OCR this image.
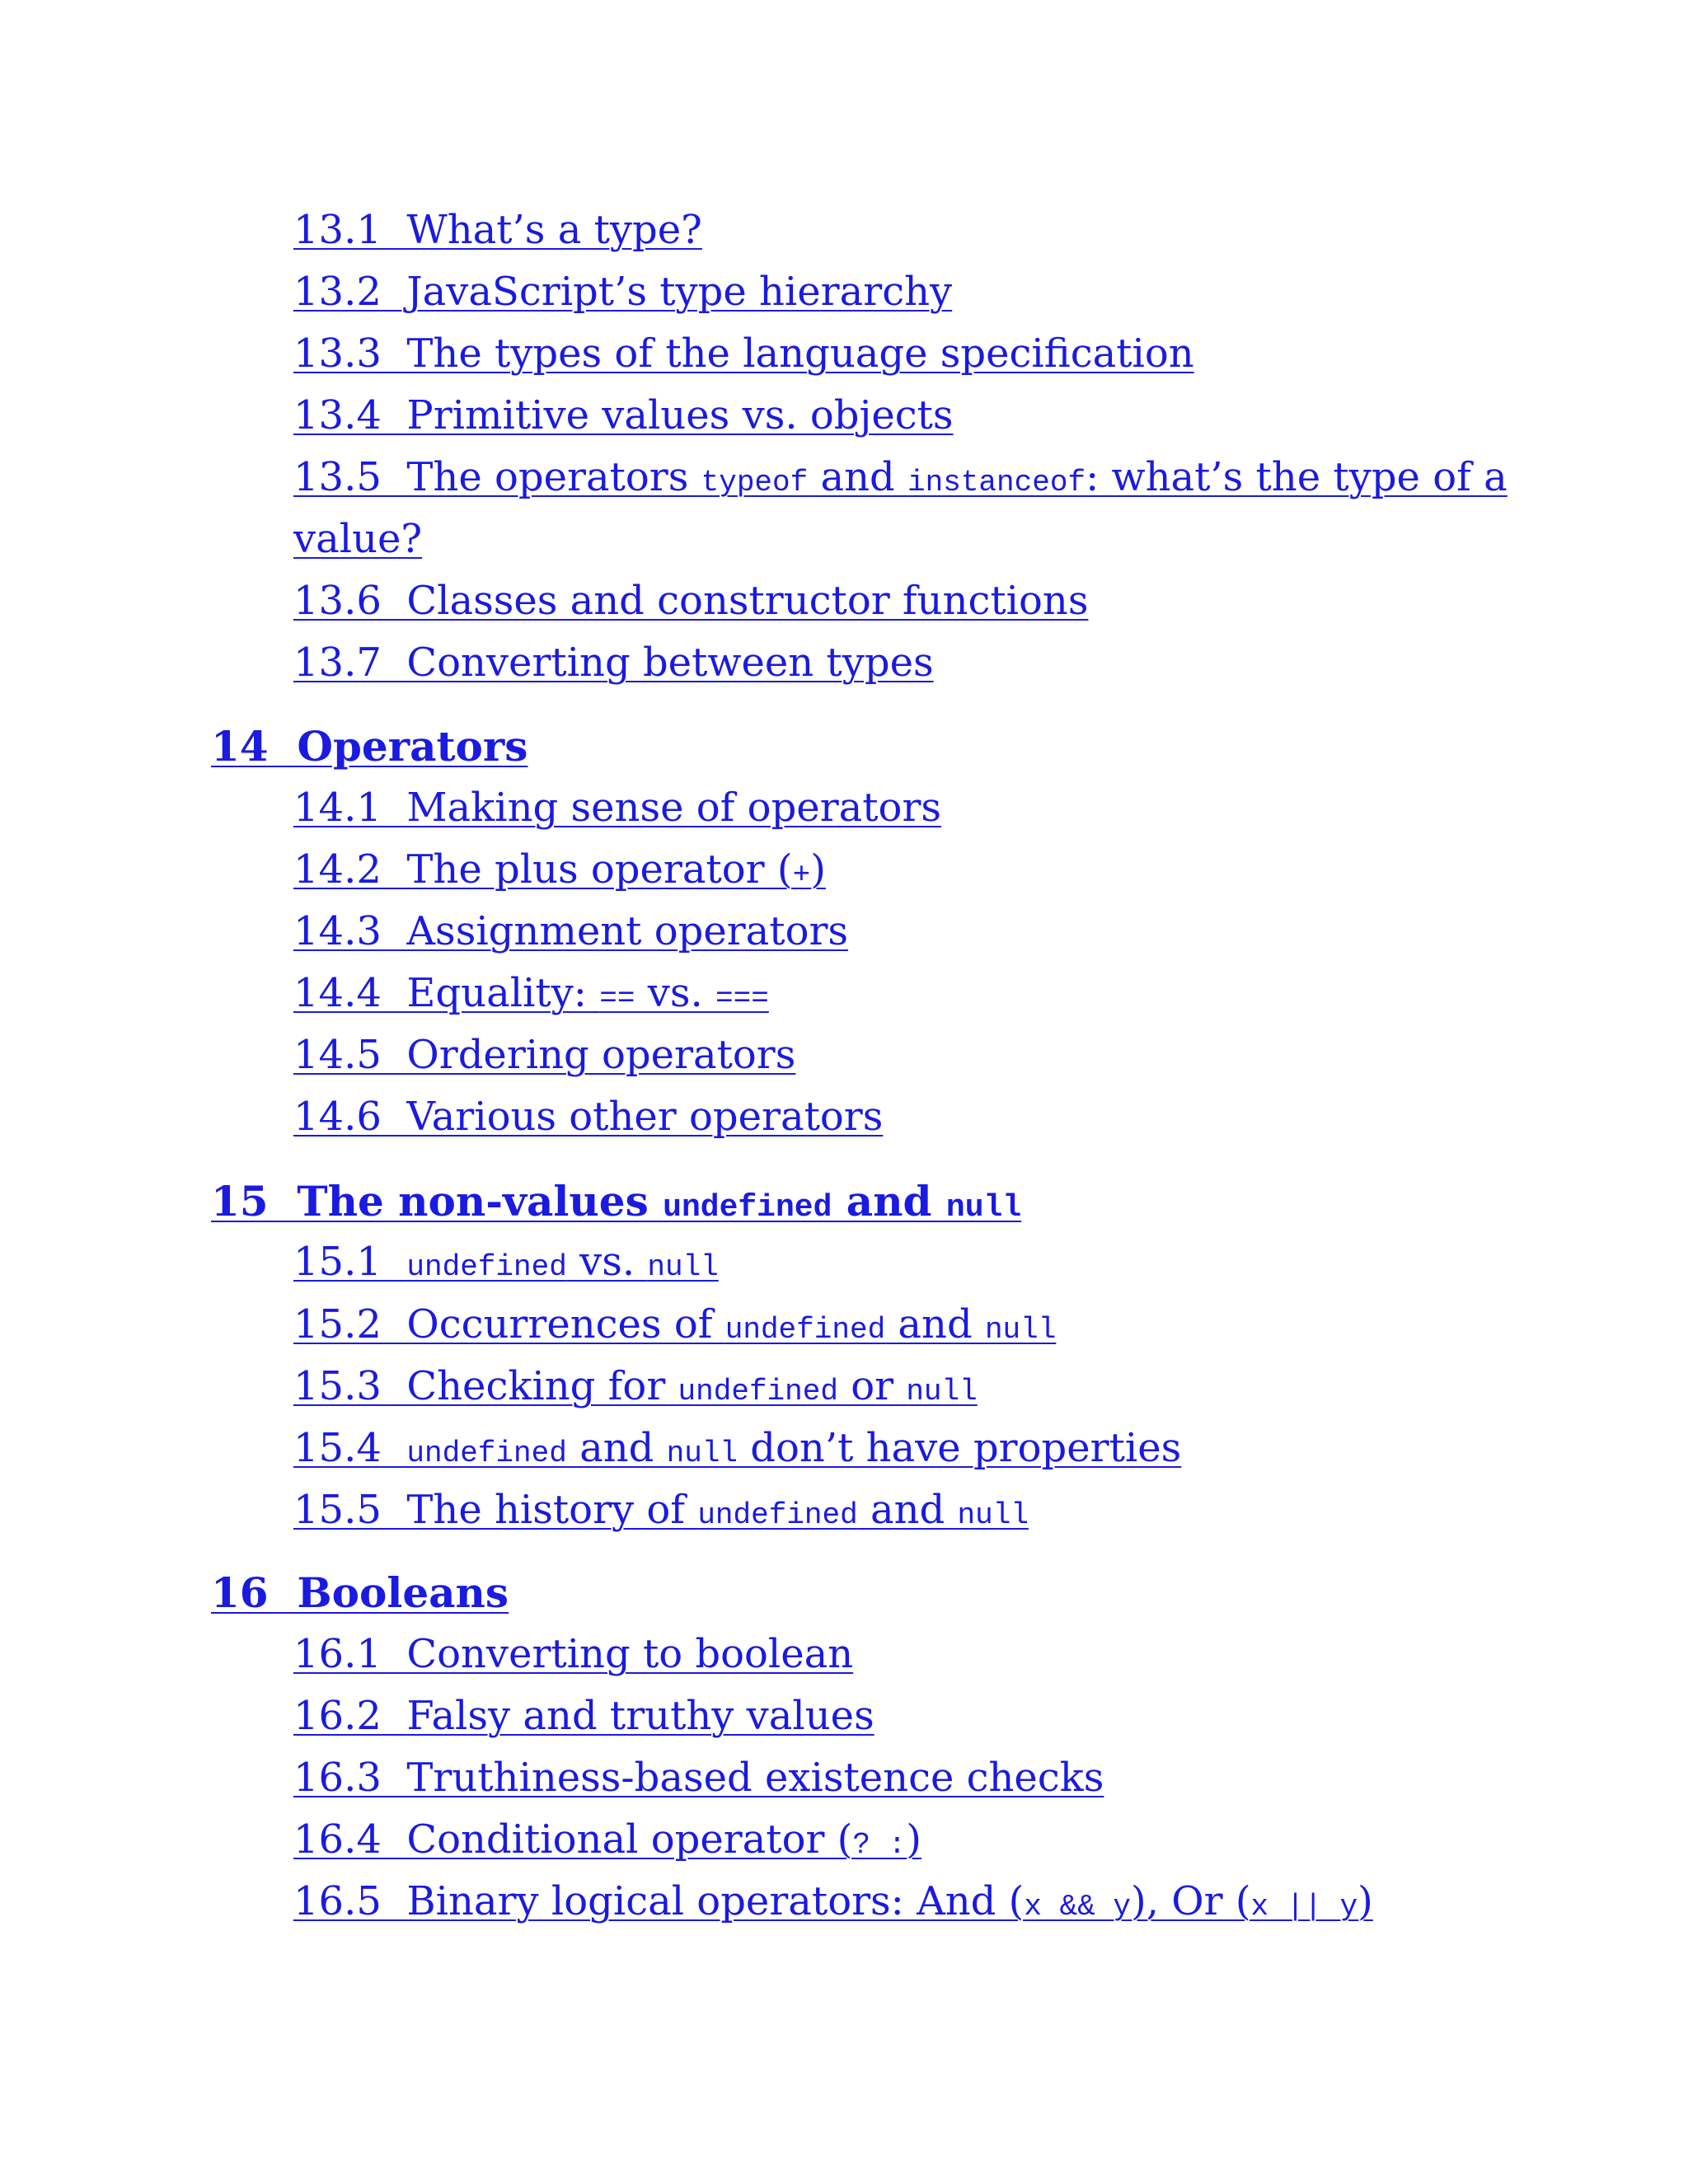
13.1  What’s a type?
13.2  JavaScript’s type hierarchy
13.3  The types of the language specification
13.4  Primitive values vs. objects
13.5  The operators typeof and instanceof: what’s the type of a
value?
13.6  Classes and constructor functions
13.7  Converting between types
14  Operators
14.1  Making sense of operators
14.2  The plus operator (+)
14.3  Assignment operators
14.4  Equality: == vs. ===
14.5  Ordering operators
14.6  Various other operators
15  The non-values undefined and null
15.1  undefined vs. null
15.2  Occurrences of undefined and null
15.3  Checking for undefined or null
15.4  undefined and null don’t have properties
15.5  The history of undefined and null
16  Booleans
16.1  Converting to boolean
16.2  Falsy and truthy values
16.3  Truthiness-based existence checks
16.4  Conditional operator (? :)
16.5  Binary logical operators: And (x && y), Or (x || y)
